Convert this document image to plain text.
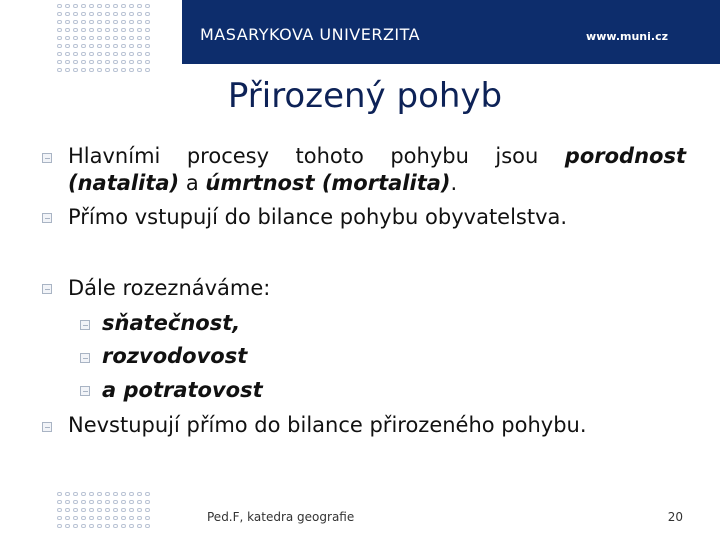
MASARYKOVA UNIVERZITA	www.muni.cz
Přirozený pohyb
Hlavními procesy tohoto pohybu jsou porodnost
(natalita) a úmrtnost (mortalita).
Přímo vstupují do bilance pohybu obyvatelstva.
Dále rozeznáváme:
sňatečnost,
rozvodovost
a potratovost
Nevstupují přímo do bilance přirozeného pohybu.
Ped.F, katedra geografie	20
